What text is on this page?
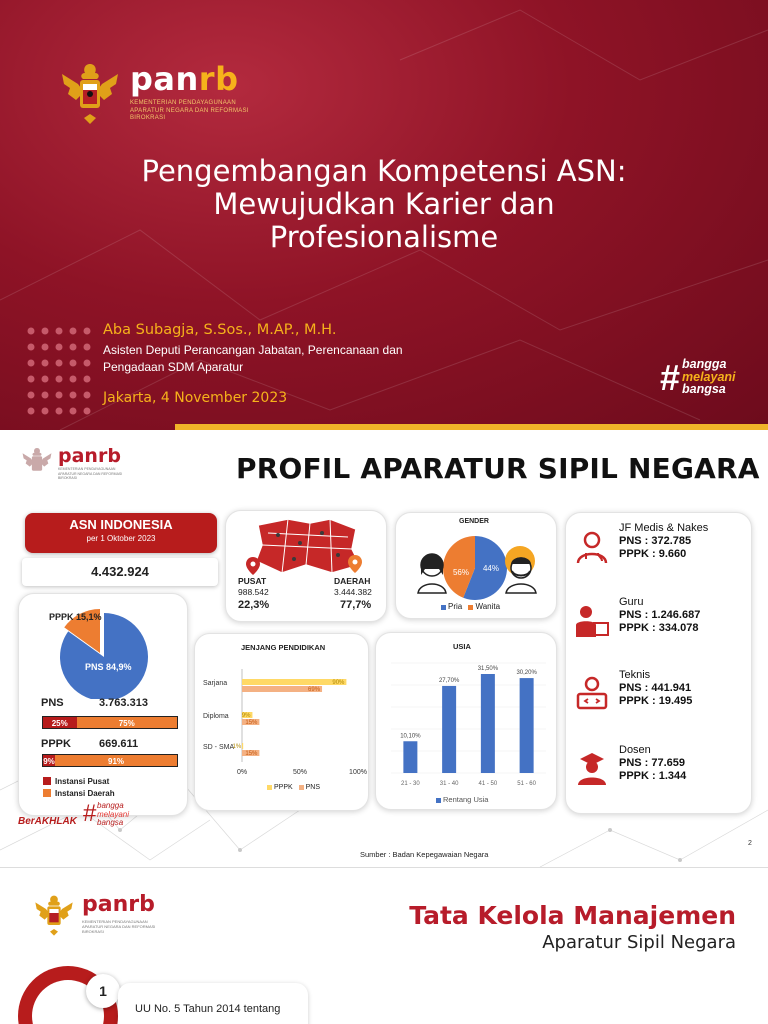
panrb
KEMENTERIAN PENDAYAGUNAAN APARATUR NEGARA DAN REFORMASI BIROKRASI
Pengembangan Kompetensi ASN:
Mewujudkan Karier dan
Profesionalisme
Aba Subagja, S.Sos., M.AP., M.H.
Asisten Deputi Perancangan Jabatan, Perencanaan dan
Pengadaan SDM Aparatur
Jakarta, 4 November 2023	# bangga
melayani
bangsa
panrb
KEMENTERIAN PENDAYAGUNAAN APARATUR NEGARA DAN REFORMASI BIROKRASI	PROFIL APARATUR SIPIL NEGARA
ASN INDONESIA
per 1 Oktober 2023
4.432.924
PPPK 15,1%
PNS 84,9%
PNS	3.763.313
25%	75%
PPPK	669.611
9%	91%
Instansi Pusat
Instansi Daerah
PUSAT
988.542
22,3%
DAERAH
3.444.382
77,7%
GENDER
56% 44%
Pria Wanita
JENJANG PENDIDIKAN
Sarjana
Diploma
SD - SMA
90%
9%
1%
69%
15%
15%
0%	50%	100%
PPPK PNS
USIA
10,10%
21 - 30
27,70%
31 - 40
31,50%
41 - 50
30,20%
51 - 60
Rentang Usia
JF Medis & Nakes
PNS : 372.785
PPPK : 9.660
Guru
PNS : 1.246.687
PPPK : 334.078
Teknis
PNS : 441.941
PPPK : 19.495
Dosen
PNS : 77.659
PPPK : 1.344
BerAKHLAK # bangga
melayani
bangsa
Sumber : Badan Kepegawaian Negara
2
panrb
KEMENTERIAN PENDAYAGUNAAN APARATUR NEGARA DAN REFORMASI BIROKRASI
Tata Kelola Manajemen
Aparatur Sipil Negara
1
UU No. 5 Tahun 2014 tentang
